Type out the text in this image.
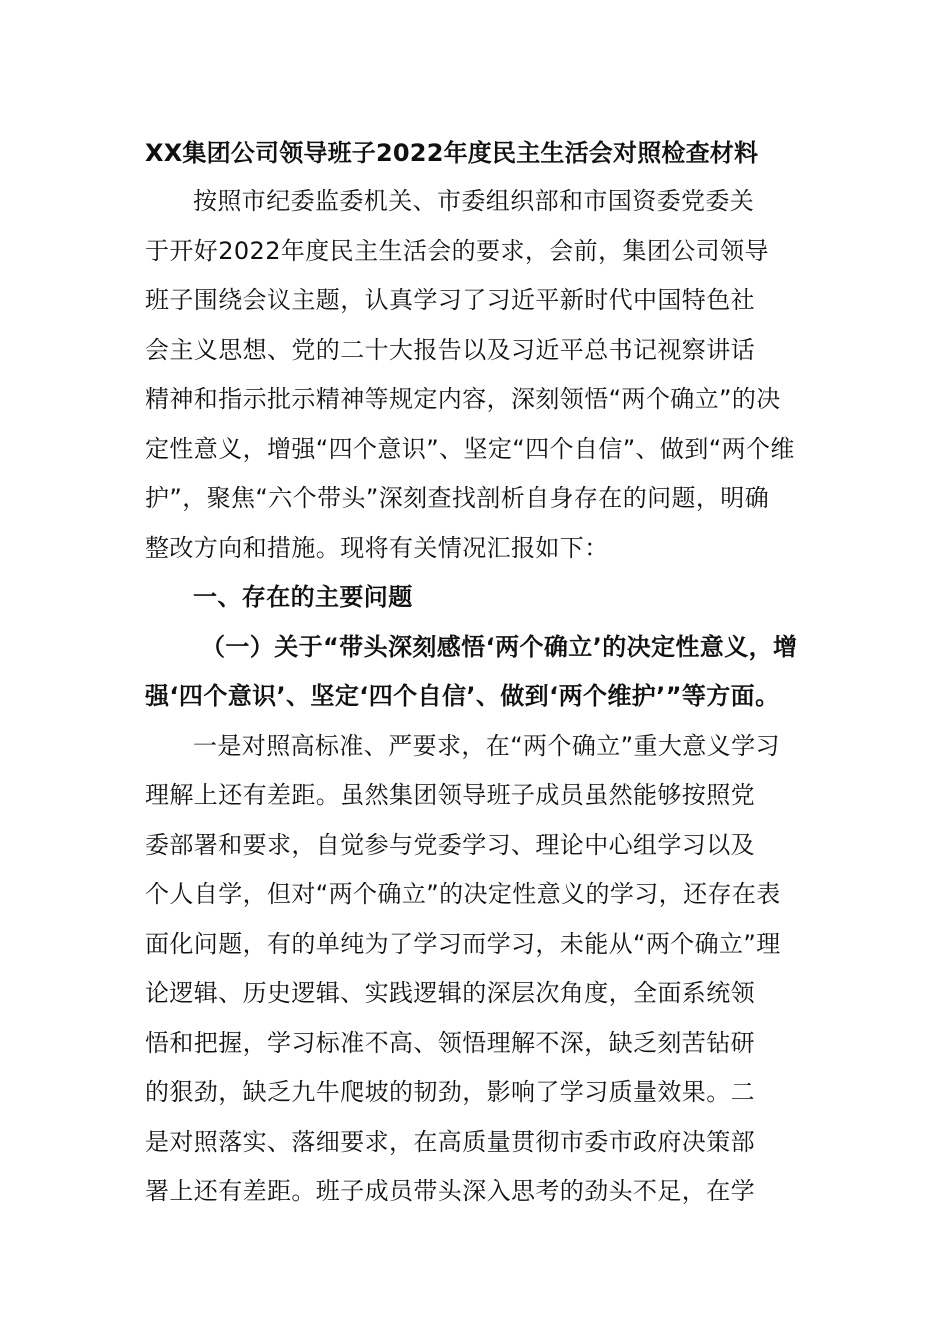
XX集团公司领导班子2022年度民主生活会对照检查材料
按照市纪委监委机关、市委组织部和市国资委党委关
于开好2022年度民主生活会的要求，会前，集团公司领导
班子围绕会议主题，认真学习了习近平新时代中国特色社
会主义思想、党的二十大报告以及习近平总书记视察讲话
精神和指示批示精神等规定内容，深刻领悟“两个确立”的决
定性意义，增强“四个意识”、坚定“四个自信”、做到“两个维
护”，聚焦“六个带头”深刻查找剖析自身存在的问题，明确
整改方向和措施。现将有关情况汇报如下：
一、存在的主要问题
（一）关于“带头深刻感悟‘两个确立’的决定性意义，增
强‘四个意识’、坚定‘四个自信’、做到‘两个维护’”等方面。
一是对照高标准、严要求，在“两个确立”重大意义学习
理解上还有差距。虽然集团领导班子成员虽然能够按照党
委部署和要求，自觉参与党委学习、理论中心组学习以及
个人自学，但对“两个确立”的决定性意义的学习，还存在表
面化问题，有的单纯为了学习而学习，未能从“两个确立”理
论逻辑、历史逻辑、实践逻辑的深层次角度，全面系统领
悟和把握，学习标准不高、领悟理解不深，缺乏刻苦钻研
的狠劲，缺乏九牛爬坡的韧劲，影响了学习质量效果。二
是对照落实、落细要求，在高质量贯彻市委市政府决策部
署上还有差距。班子成员带头深入思考的劲头不足，在学
